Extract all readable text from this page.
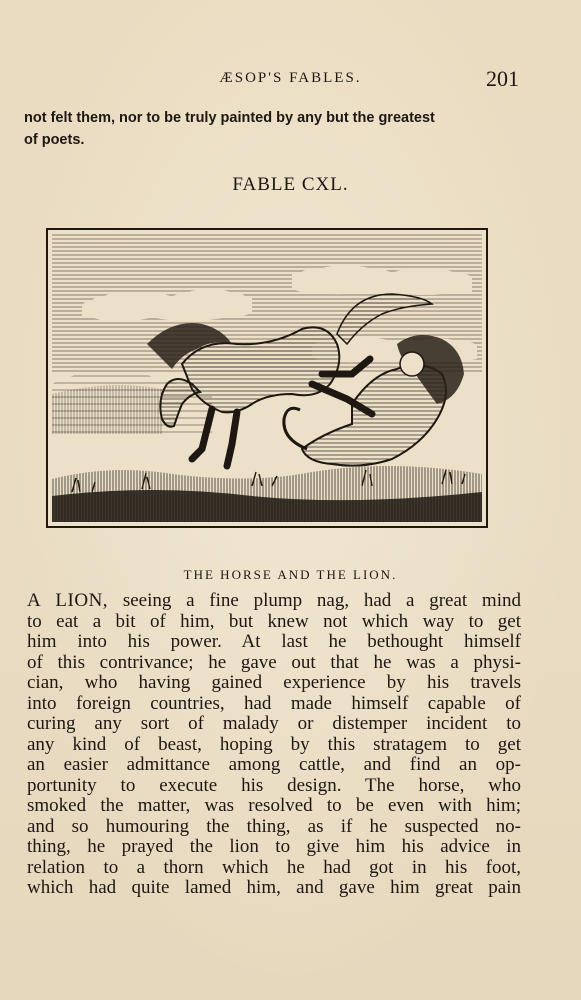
ÆSOP'S FABLES.	201
not felt them, nor to be truly painted by any but the greatest
of poets.
FABLE CXL.
THE HORSE AND THE LION.
A LION, seeing a fine plump nag, had a great mind
to eat a bit of him, but knew not which way to get
him into his power. At last he bethought himself
of this contrivance; he gave out that he was a physi-
cian, who having gained experience by his travels
into foreign countries, had made himself capable of
curing any sort of malady or distemper incident to
any kind of beast, hoping by this stratagem to get
an easier admittance among cattle, and find an op-
portunity to execute his design. The horse, who
smoked the matter, was resolved to be even with him;
and so humouring the thing, as if he suspected no-
thing, he prayed the lion to give him his advice in
relation to a thorn which he had got in his foot,
which had quite lamed him, and gave him great pain
